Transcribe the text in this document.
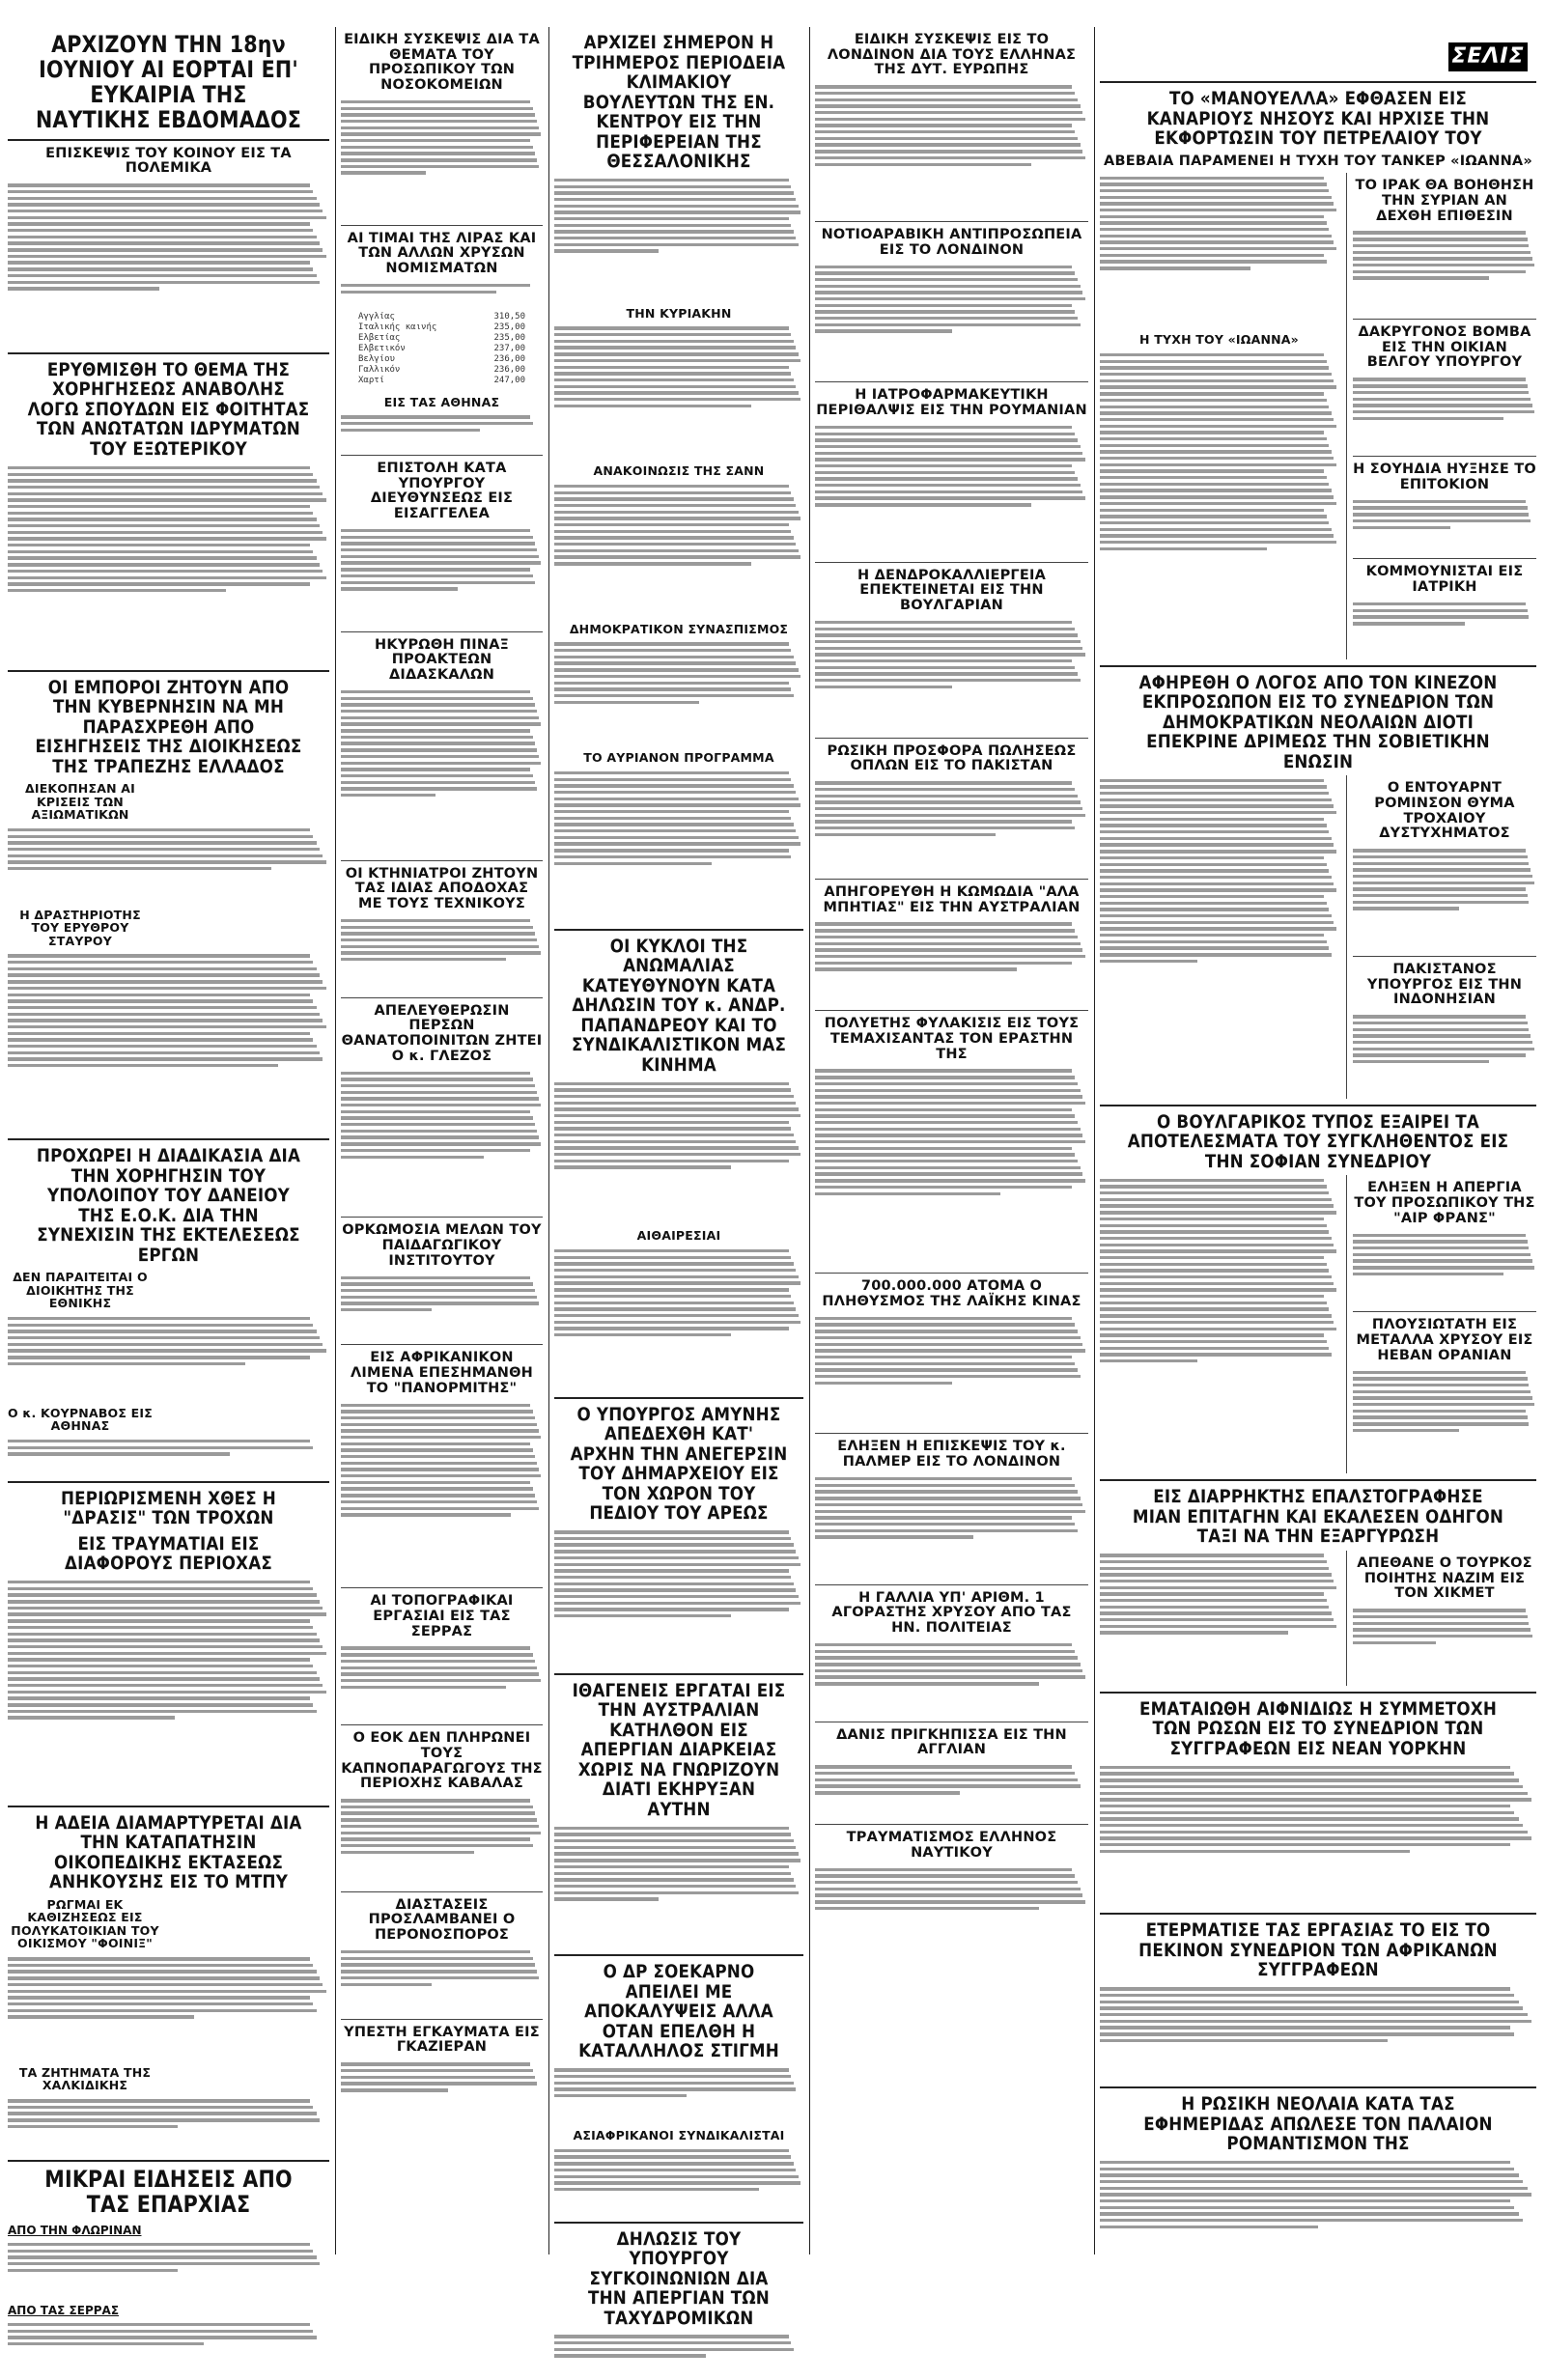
ΑΡΧΙΖΟΥΝ ΤΗΝ 18ην ΙΟΥΝΙΟΥ ΑΙ ΕΟΡΤΑΙ ΕΠ' ΕΥΚΑΙΡΙΑ ΤΗΣ ΝΑΥΤΙΚΗΣ ΕΒΔΟΜΑΔΟΣ
ΕΠΙΣΚΕΨΙΣ ΤΟΥ ΚΟΙΝΟΥ ΕΙΣ ΤΑ ΠΟΛΕΜΙΚΑ
ΕΡΥΘΜΙΣΘΗ ΤΟ ΘΕΜΑ ΤΗΣ ΧΟΡΗΓΗΣΕΩΣ ΑΝΑΒΟΛΗΣ ΛΟΓΩ ΣΠΟΥΔΩΝ ΕΙΣ ΦΟΙΤΗΤΑΣ ΤΩΝ ΑΝΩΤΑΤΩΝ ΙΔΡΥΜΑΤΩΝ ΤΟΥ ΕΞΩΤΕΡΙΚΟΥ
ΟΙ ΕΜΠΟΡΟΙ ΖΗΤΟΥΝ ΑΠΟ ΤΗΝ ΚΥΒΕΡΝΗΣΙΝ ΝΑ ΜΗ ΠΑΡΑΣΧΡΕΘΗ ΑΠΟ ΕΙΣΗΓΗΣΕΙΣ ΤΗΣ ΔΙΟΙΚΗΣΕΩΣ ΤΗΣ ΤΡΑΠΕΖΗΣ ΕΛΛΑΔΟΣ
ΔΙΕΚΟΠΗΣΑΝ ΑΙ ΚΡΙΣΕΙΣ ΤΩΝ ΑΞΙΩΜΑΤΙΚΩΝ
Η ΔΡΑΣΤΗΡΙΟΤΗΣ ΤΟΥ ΕΡΥΘΡΟΥ ΣΤΑΥΡΟΥ
ΠΡΟΧΩΡΕΙ Η ΔΙΑΔΙΚΑΣΙΑ ΔΙΑ ΤΗΝ ΧΟΡΗΓΗΣΙΝ ΤΟΥ ΥΠΟΛΟΙΠΟΥ ΤΟΥ ΔΑΝΕΙΟΥ ΤΗΣ Ε.Ο.Κ. ΔΙΑ ΤΗΝ ΣΥΝΕΧΙΣΙΝ ΤΗΣ ΕΚΤΕΛΕΣΕΩΣ ΕΡΓΩΝ
ΔΕΝ ΠΑΡΑΙΤΕΙΤΑΙ Ο ΔΙΟΙΚΗΤΗΣ ΤΗΣ ΕΘΝΙΚΗΣ
Ο κ. ΚΟΥΡΝΑΒΟΣ ΕΙΣ ΑΘΗΝΑΣ
ΠΕΡΙΩΡΙΣΜΕΝΗ ΧΘΕΣ Η "ΔΡΑΣΙΣ" ΤΩΝ ΤΡΟΧΩΝ
ΕΙΣ ΤΡΑΥΜΑΤΙΑΙ ΕΙΣ ΔΙΑΦΟΡΟΥΣ ΠΕΡΙΟΧΑΣ
Η ΑΔΕΙΑ ΔΙΑΜΑΡΤΥΡΕΤΑΙ ΔΙΑ ΤΗΝ ΚΑΤΑΠΑΤΗΣΙΝ ΟΙΚΟΠΕΔΙΚΗΣ ΕΚΤΑΣΕΩΣ ΑΝΗΚΟΥΣΗΣ ΕΙΣ ΤΟ ΜΤΠΥ
ΡΩΓΜΑΙ ΕΚ ΚΑΘΙΖΗΣΕΩΣ ΕΙΣ ΠΟΛΥΚΑΤΟΙΚΙΑΝ ΤΟΥ ΟΙΚΙΣΜΟΥ "ΦΟΙΝΙΞ"
ΤΑ ΖΗΤΗΜΑΤΑ ΤΗΣ ΧΑΛΚΙΔΙΚΗΣ
ΜΙΚΡΑΙ ΕΙΔΗΣΕΙΣ ΑΠΟ ΤΑΣ ΕΠΑΡΧΙΑΣ
ΑΠΟ ΤΗΝ ΦΛΩΡΙΝΑΝ
ΑΠΟ ΤΑΣ ΣΕΡΡΑΣ
ΕΙΔΙΚΗ ΣΥΣΚΕΨΙΣ ΔΙΑ ΤΑ ΘΕΜΑΤΑ ΤΟΥ ΠΡΟΣΩΠΙΚΟΥ ΤΩΝ ΝΟΣΟΚΟΜΕΙΩΝ
ΑΙ ΤΙΜΑΙ ΤΗΣ ΛΙΡΑΣ ΚΑΙ ΤΩΝ ΑΛΛΩΝ ΧΡΥΣΩΝ ΝΟΜΙΣΜΑΤΩΝ
Αγγλίας	310,50
Ιταλικής καινής	235,00
Ελβετίας	235,00
Ελβετικόν	237,00
Βελγίου	236,00
Γαλλικόν	236,00
Χαρτί	247,00
ΕΙΣ ΤΑΣ ΑΘΗΝΑΣ
ΕΠΙΣΤΟΛΗ ΚΑΤΑ ΥΠΟΥΡΓΟΥ ΔΙΕΥΘΥΝΣΕΩΣ ΕΙΣ ΕΙΣΑΓΓΕΛΕΑ
ΗΚΥΡΩΘΗ ΠΙΝΑΞ ΠΡΟΑΚΤΕΩΝ ΔΙΔΑΣΚΑΛΩΝ
ΟΙ ΚΤΗΝΙΑΤΡΟΙ ΖΗΤΟΥΝ ΤΑΣ ΙΔΙΑΣ ΑΠΟΔΟΧΑΣ ΜΕ ΤΟΥΣ ΤΕΧΝΙΚΟΥΣ
ΑΠΕΛΕΥΘΕΡΩΣΙΝ ΠΕΡΣΩΝ ΘΑΝΑΤΟΠΟΙΝΙΤΩΝ ΖΗΤΕΙ Ο κ. ΓΛΕΖΟΣ
ΟΡΚΩΜΟΣΙΑ ΜΕΛΩΝ ΤΟΥ ΠΑΙΔΑΓΩΓΙΚΟΥ ΙΝΣΤΙΤΟΥΤΟΥ
ΕΙΣ ΑΦΡΙΚΑΝΙΚΟΝ ΛΙΜΕΝΑ ΕΠΕΣΗΜΑΝΘΗ ΤΟ "ΠΑΝΟΡΜΙΤΗΣ"
ΑΙ ΤΟΠΟΓΡΑΦΙΚΑΙ ΕΡΓΑΣΙΑΙ ΕΙΣ ΤΑΣ ΣΕΡΡΑΣ
Ο ΕΟΚ ΔΕΝ ΠΛΗΡΩΝΕΙ ΤΟΥΣ ΚΑΠΝΟΠΑΡΑΓΩΓΟΥΣ ΤΗΣ ΠΕΡΙΟΧΗΣ ΚΑΒΑΛΑΣ
ΔΙΑΣΤΑΣΕΙΣ ΠΡΟΣΛΑΜΒΑΝΕΙ Ο ΠΕΡΟΝΟΣΠΟΡΟΣ
ΥΠΕΣΤΗ ΕΓΚΑΥΜΑΤΑ ΕΙΣ ΓΚΑΖΙΕΡΑΝ
ΑΡΧΙΖΕΙ ΣΗΜΕΡΟΝ Η ΤΡΙΗΜΕΡΟΣ ΠΕΡΙΟΔΕΙΑ ΚΛΙΜΑΚΙΟΥ ΒΟΥΛΕΥΤΩΝ ΤΗΣ ΕΝ. ΚΕΝΤΡΟΥ ΕΙΣ ΤΗΝ ΠΕΡΙΦΕΡΕΙΑΝ ΤΗΣ ΘΕΣΣΑΛΟΝΙΚΗΣ
ΤΗΝ ΚΥΡΙΑΚΗΝ
ΑΝΑΚΟΙΝΩΣΙΣ ΤΗΣ ΣΑΝΝ
ΔΗΜΟΚΡΑΤΙΚΟΝ ΣΥΝΑΣΠΙΣΜΟΣ
ΤΟ ΑΥΡΙΑΝΟΝ ΠΡΟΓΡΑΜΜΑ
ΟΙ ΚΥΚΛΟΙ ΤΗΣ ΑΝΩΜΑΛΙΑΣ ΚΑΤΕΥΘΥΝΟΥΝ ΚΑΤΑ ΔΗΛΩΣΙΝ ΤΟΥ κ. ΑΝΔΡ. ΠΑΠΑΝΔΡΕΟΥ ΚΑΙ ΤΟ ΣΥΝΔΙΚΑΛΙΣΤΙΚΟΝ ΜΑΣ ΚΙΝΗΜΑ
ΑΙΘΑΙΡΕΣΙΑΙ
Ο ΥΠΟΥΡΓΟΣ ΑΜΥΝΗΣ ΑΠΕΔΕΧΘΗ ΚΑΤ' ΑΡΧΗΝ ΤΗΝ ΑΝΕΓΕΡΣΙΝ ΤΟΥ ΔΗΜΑΡΧΕΙΟΥ ΕΙΣ ΤΟΝ ΧΩΡΟΝ ΤΟΥ ΠΕΔΙΟΥ ΤΟΥ ΑΡΕΩΣ
ΙΘΑΓΕΝΕΙΣ ΕΡΓΑΤΑΙ ΕΙΣ ΤΗΝ ΑΥΣΤΡΑΛΙΑΝ ΚΑΤΗΛΘΟΝ ΕΙΣ ΑΠΕΡΓΙΑΝ ΔΙΑΡΚΕΙΑΣ ΧΩΡΙΣ ΝΑ ΓΝΩΡΙΖΟΥΝ ΔΙΑΤΙ ΕΚΗΡΥΞΑΝ ΑΥΤΗΝ
Ο ΔΡ ΣΟΕΚΑΡΝΟ ΑΠΕΙΛΕΙ ΜΕ ΑΠΟΚΑΛΥΨΕΙΣ ΑΛΛΑ ΟΤΑΝ ΕΠΕΛΘΗ Η ΚΑΤΑΛΛΗΛΟΣ ΣΤΙΓΜΗ
ΑΣΙΑΦΡΙΚΑΝΟΙ ΣΥΝΔΙΚΑΛΙΣΤΑΙ
ΔΗΛΩΣΙΣ ΤΟΥ ΥΠΟΥΡΓΟΥ ΣΥΓΚΟΙΝΩΝΙΩΝ ΔΙΑ ΤΗΝ ΑΠΕΡΓΙΑΝ ΤΩΝ ΤΑΧΥΔΡΟΜΙΚΩΝ
ΕΙΔΙΚΗ ΣΥΣΚΕΨΙΣ ΕΙΣ ΤΟ ΛΟΝΔΙΝΟΝ ΔΙΑ ΤΟΥΣ ΕΛΛΗΝΑΣ ΤΗΣ ΔΥΤ. ΕΥΡΩΠΗΣ
ΝΟΤΙΟΑΡΑΒΙΚΗ ΑΝΤΙΠΡΟΣΩΠΕΙΑ ΕΙΣ ΤΟ ΛΟΝΔΙΝΟΝ
Η ΙΑΤΡΟΦΑΡΜΑΚΕΥΤΙΚΗ ΠΕΡΙΘΑΛΨΙΣ ΕΙΣ ΤΗΝ ΡΟΥΜΑΝΙΑΝ
Η ΔΕΝΔΡΟΚΑΛΛΙΕΡΓΕΙΑ ΕΠΕΚΤΕΙΝΕΤΑΙ ΕΙΣ ΤΗΝ ΒΟΥΛΓΑΡΙΑΝ
ΡΩΣΙΚΗ ΠΡΟΣΦΟΡΑ ΠΩΛΗΣΕΩΣ ΟΠΛΩΝ ΕΙΣ ΤΟ ΠΑΚΙΣΤΑΝ
ΑΠΗΓΟΡΕΥΘΗ Η ΚΩΜΩΔΙΑ "ΑΛΑ ΜΠΗΤΙΑΣ" ΕΙΣ ΤΗΝ ΑΥΣΤΡΑΛΙΑΝ
ΠΟΛΥΕΤΗΣ ΦΥΛΑΚΙΣΙΣ ΕΙΣ ΤΟΥΣ ΤΕΜΑΧΙΣΑΝΤΑΣ ΤΟΝ ΕΡΑΣΤΗΝ ΤΗΣ
700.000.000 ΑΤΟΜΑ Ο ΠΛΗΘΥΣΜΟΣ ΤΗΣ ΛΑΪΚΗΣ ΚΙΝΑΣ
ΕΛΗΞΕΝ Η ΕΠΙΣΚΕΨΙΣ ΤΟΥ κ. ΠΑΛΜΕΡ ΕΙΣ ΤΟ ΛΟΝΔΙΝΟΝ
Η ΓΑΛΛΙΑ ΥΠ' ΑΡΙΘΜ. 1 ΑΓΟΡΑΣΤΗΣ ΧΡΥΣΟΥ ΑΠΟ ΤΑΣ ΗΝ. ΠΟΛΙΤΕΙΑΣ
ΔΑΝΙΣ ΠΡΙΓΚΗΠΙΣΣΑ ΕΙΣ ΤΗΝ ΑΓΓΛΙΑΝ
ΤΡΑΥΜΑΤΙΣΜΟΣ ΕΛΛΗΝΟΣ ΝΑΥΤΙΚΟΥ
ΣΕΛΙΣ 7
ΤΟ «ΜΑΝΟΥΕΛΛΑ» ΕΦΘΑΣΕΝ ΕΙΣ ΚΑΝΑΡΙΟΥΣ ΝΗΣΟΥΣ ΚΑΙ ΗΡΧΙΣΕ ΤΗΝ ΕΚΦΟΡΤΩΣΙΝ ΤΟΥ ΠΕΤΡΕΛΑΙΟΥ ΤΟΥ
ΑΒΕΒΑΙΑ ΠΑΡΑΜΕΝΕΙ Η ΤΥΧΗ ΤΟΥ ΤΑΝΚΕΡ «ΙΩΑΝΝΑ»
Η ΤΥΧΗ ΤΟΥ «ΙΩΑΝΝΑ»
ΤΟ ΙΡΑΚ ΘΑ ΒΟΗΘΗΣΗ ΤΗΝ ΣΥΡΙΑΝ ΑΝ ΔΕΧΘΗ ΕΠΙΘΕΣΙΝ
ΔΑΚΡΥΓΟΝΟΣ ΒΟΜΒΑ ΕΙΣ ΤΗΝ ΟΙΚΙΑΝ ΒΕΛΓΟΥ ΥΠΟΥΡΓΟΥ
Η ΣΟΥΗΔΙΑ ΗΥΞΗΣΕ ΤΟ ΕΠΙΤΟΚΙΟΝ
ΚΟΜΜΟΥΝΙΣΤΑΙ ΕΙΣ ΙΑΤΡΙΚΗ
ΑΦΗΡΕΘΗ Ο ΛΟΓΟΣ ΑΠΟ ΤΟΝ ΚΙΝΕΖΟΝ ΕΚΠΡΟΣΩΠΟΝ ΕΙΣ ΤΟ ΣΥΝΕΔΡΙΟΝ ΤΩΝ ΔΗΜΟΚΡΑΤΙΚΩΝ ΝΕΟΛΑΙΩΝ ΔΙΟΤΙ ΕΠΕΚΡΙΝΕ ΔΡΙΜΕΩΣ ΤΗΝ ΣΟΒΙΕΤΙΚΗΝ ΕΝΩΣΙΝ
Ο ΕΝΤΟΥΑΡΝΤ ΡΟΜΙΝΣΟΝ ΘΥΜΑ ΤΡΟΧΑΙΟΥ ΔΥΣΤΥΧΗΜΑΤΟΣ
ΠΑΚΙΣΤΑΝΟΣ ΥΠΟΥΡΓΟΣ ΕΙΣ ΤΗΝ ΙΝΔΟΝΗΣΙΑΝ
Ο ΒΟΥΛΓΑΡΙΚΟΣ ΤΥΠΟΣ ΕΞΑΙΡΕΙ ΤΑ ΑΠΟΤΕΛΕΣΜΑΤΑ ΤΟΥ ΣΥΓΚΛΗΘΕΝΤΟΣ ΕΙΣ ΤΗΝ ΣΟΦΙΑΝ ΣΥΝΕΔΡΙΟΥ
ΕΛΗΞΕΝ Η ΑΠΕΡΓΙΑ ΤΟΥ ΠΡΟΣΩΠΙΚΟΥ ΤΗΣ "ΑΙΡ ΦΡΑΝΣ"
ΠΛΟΥΣΙΩΤΑΤΗ ΕΙΣ ΜΕΤΑΛΛΑ ΧΡΥΣΟΥ ΕΙΣ ΗΕΒΑΝ ΟΡΑΝΙΑΝ
ΕΙΣ ΔΙΑΡΡΗΚΤΗΣ ΕΠΑΛΣΤΟΓΡΑΦΗΣΕ ΜΙΑΝ ΕΠΙΤΑΓΗΝ ΚΑΙ ΕΚΑΛΕΣΕΝ ΟΔΗΓΟΝ ΤΑΞΙ ΝΑ ΤΗΝ ΕΞΑΡΓΥΡΩΣΗ
ΑΠΕΘΑΝΕ Ο ΤΟΥΡΚΟΣ ΠΟΙΗΤΗΣ ΝΑΖΙΜ ΕΙΣ ΤΟΝ ΧΙΚΜΕΤ
ΕΜΑΤΑΙΩΘΗ ΑΙΦΝΙΔΙΩΣ Η ΣΥΜΜΕΤΟΧΗ ΤΩΝ ΡΩΣΩΝ ΕΙΣ ΤΟ ΣΥΝΕΔΡΙΟΝ ΤΩΝ ΣΥΓΓΡΑΦΕΩΝ ΕΙΣ ΝΕΑΝ ΥΟΡΚΗΝ
ΕΤΕΡΜΑΤΙΣΕ ΤΑΣ ΕΡΓΑΣΙΑΣ ΤΟ ΕΙΣ ΤΟ ΠΕΚΙΝΟΝ ΣΥΝΕΔΡΙΟΝ ΤΩΝ ΑΦΡΙΚΑΝΩΝ ΣΥΓΓΡΑΦΕΩΝ
Η ΡΩΣΙΚΗ ΝΕΟΛΑΙΑ ΚΑΤΑ ΤΑΣ ΕΦΗΜΕΡΙΔΑΣ ΑΠΩΛΕΣΕ ΤΟΝ ΠΑΛΑΙΟΝ ΡΟΜΑΝΤΙΣΜΟΝ ΤΗΣ
